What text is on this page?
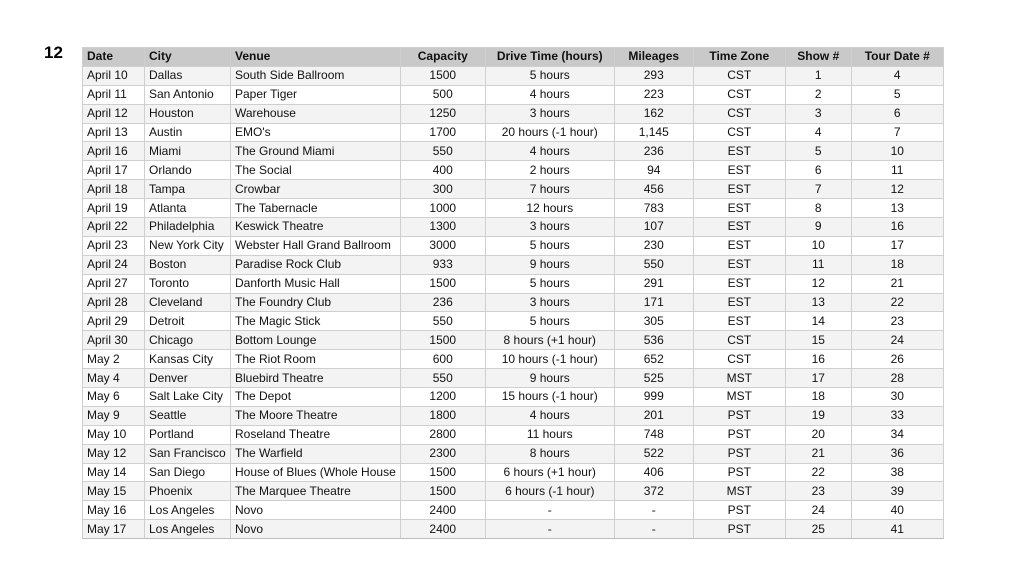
12 Date	City	Venue	Capacity	Drive Time (hours)	Mileages	Time Zone	Show #	Tour Date #
April 10	Dallas	South Side Ballroom	1500	5 hours	293	CST	1	4
April 11	San Antonio	Paper Tiger	500	4 hours	223	CST	2	5
April 12	Houston	Warehouse	1250	3 hours	162	CST	3	6
April 13	Austin	EMO's	1700	20 hours (-1 hour)	1,145	CST	4	7
April 16	Miami	The Ground Miami	550	4 hours	236	EST	5	10
April 17	Orlando	The Social	400	2 hours	94	EST	6	11
April 18	Tampa	Crowbar	300	7 hours	456	EST	7	12
April 19	Atlanta	The Tabernacle	1000	12 hours	783	EST	8	13
April 22	Philadelphia	Keswick Theatre	1300	3 hours	107	EST	9	16
April 23	New York City	Webster Hall Grand Ballroom	3000	5 hours	230	EST	10	17
April 24	Boston	Paradise Rock Club	933	9 hours	550	EST	11	18
April 27	Toronto	Danforth Music Hall	1500	5 hours	291	EST	12	21
April 28	Cleveland	The Foundry Club	236	3 hours	171	EST	13	22
April 29	Detroit	The Magic Stick	550	5 hours	305	EST	14	23
April 30	Chicago	Bottom Lounge	1500	8 hours (+1 hour)	536	CST	15	24
May 2	Kansas City	The Riot Room	600	10 hours (-1 hour)	652	CST	16	26
May 4	Denver	Bluebird Theatre	550	9 hours	525	MST	17	28
May 6	Salt Lake City	The Depot	1200	15 hours (-1 hour)	999	MST	18	30
May 9	Seattle	The Moore Theatre	1800	4 hours	201	PST	19	33
May 10	Portland	Roseland Theatre	2800	11 hours	748	PST	20	34
May 12	San Francisco	The Warfield	2300	8 hours	522	PST	21	36
May 14	San Diego	House of Blues (Whole House	1500	6 hours (+1 hour)	406	PST	22	38
May 15	Phoenix	The Marquee Theatre	1500	6 hours (-1 hour)	372	MST	23	39
May 16	Los Angeles	Novo	2400	-	-	PST	24	40
May 17	Los Angeles	Novo	2400	-	-	PST	25	41
